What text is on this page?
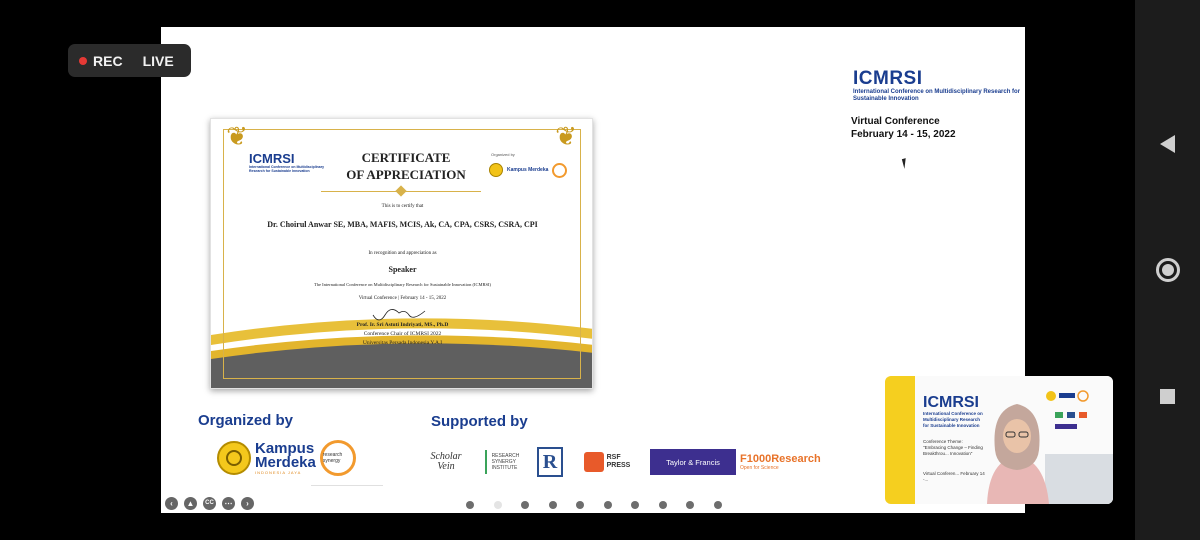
ICMRSI
International Conference on Multidisciplinary Research for Sustainable Innovation
Virtual Conference
February 14 - 15, 2022
❦	❦
ICMRSI
International Conference on Multidisciplinary Research for Sustainable Innovation
CERTIFICATE
OF APPRECIATION
Organized by
Kampus Merdeka
This is to certify that
Dr. Choirul Anwar SE, MBA, MAFIS, MCIS, Ak, CA, CPA, CSRS, CSRA, CPI
In recognition and appreciation as
Speaker
The International Conference on Multidisciplinary Research for Sustainable Innovation (ICMRSI)
Virtual Conference | February 14 - 15, 2022
Prof. Ir. Sri Astuti Indriyati, MS., Ph.D
Conference Chair of ICMRSI 2022
Universitas Persada Indonesia Y.A.I
Organized by
Kampus
Merdeka
INDONESIA JAYA
research synergy
Supported by
Scholar
Vein
RESEARCH SYNERGY INSTITUTE R	RSF
PRESS	Taylor & Francis	F1000Research
Open for Science
‹	▲	CC	⋯	›
REC LIVE
ICMRSI
International Conference on Multidisciplinary Research for Sustainable Innovation
Conference Theme: "Embracing Change – Finding Breakthrou... Innovation"
Virtual Conferen... February 14 -...
